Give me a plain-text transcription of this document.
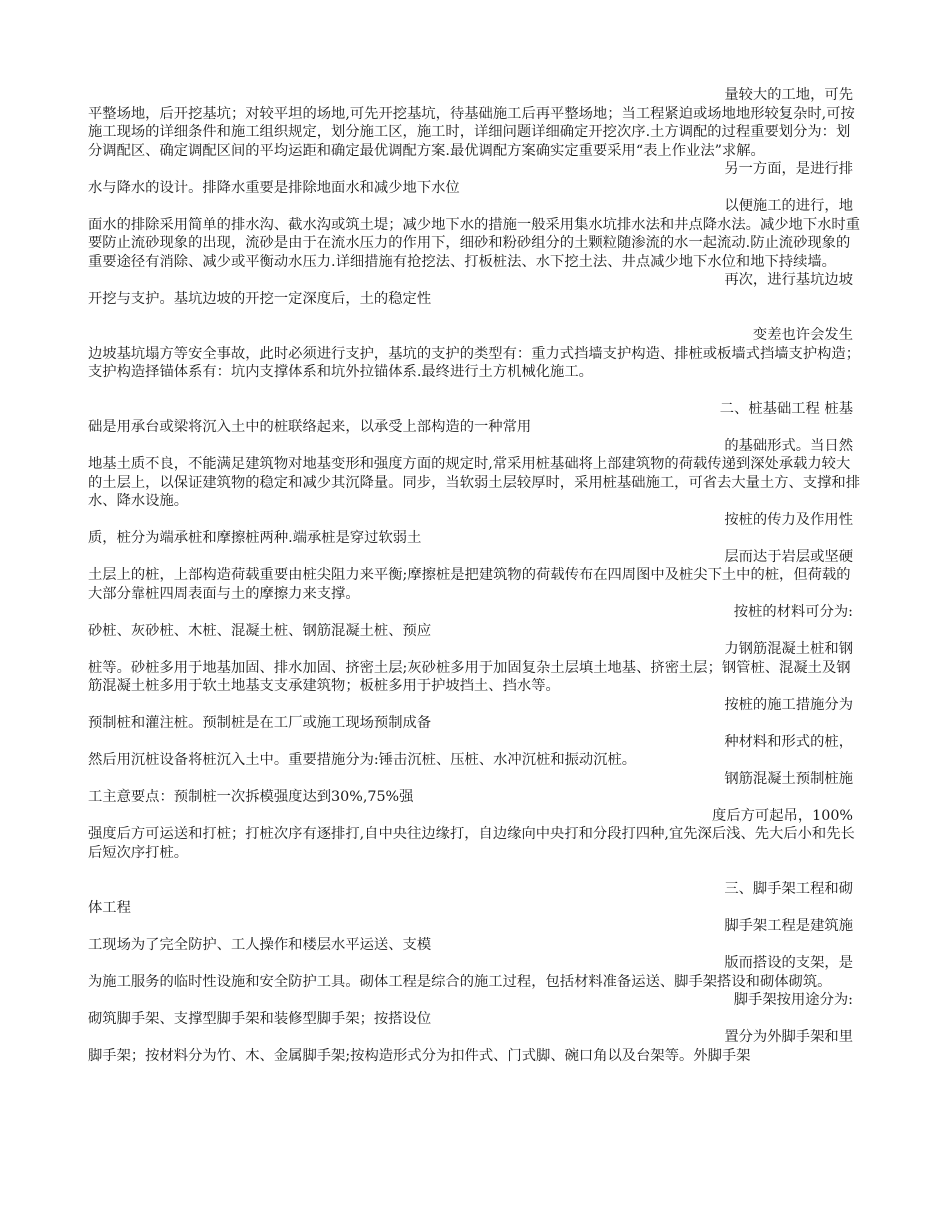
量较大的工地，可先

平整场地，后开挖基坑；对较平坦的场地,可先开挖基坑，待基础施工后再平整场地；当工程紧迫或场地地形较复杂时,可按施工现场的详细条件和施工组织规定，划分施工区，施工时，详细问题详细确定开挖次序.土方调配的过程重要划分为：划分调配区、确定调配区间的平均运距和确定最优调配方案.最优调配方案确实定重要采用“表上作业法”求解。

另一方面，是进行排

水与降水的设计。排降水重要是排除地面水和减少地下水位

以便施工的进行，地

面水的排除采用简单的排水沟、截水沟或筑土堤；减少地下水的措施一般采用集水坑排水法和井点降水法。减少地下水时重要防止流砂现象的出现，流砂是由于在流水压力的作用下，细砂和粉砂组分的土颗粒随渗流的水一起流动.防止流砂现象的重要途径有消除、减少或平衡动水压力.详细措施有抢挖法、打板桩法、水下挖土法、井点减少地下水位和地下持续墙。

再次，进行基坑边坡

开挖与支护。基坑边坡的开挖一定深度后，土的稳定性

变差也许会发生

边坡基坑塌方等安全事故，此时必须进行支护，基坑的支护的类型有：重力式挡墙支护构造、排桩或板墙式挡墙支护构造；支护构造择锚体系有：坑内支撑体系和坑外拉锚体系.最终进行土方机械化施工。

二、桩基础工程 桩基

础是用承台或梁将沉入土中的桩联络起来，以承受上部构造的一种常用

的基础形式。当日然

地基土质不良，不能满足建筑物对地基变形和强度方面的规定时,常采用桩基础将上部建筑物的荷载传递到深处承载力较大的土层上，以保证建筑物的稳定和减少其沉降量。同步，当软弱土层较厚时，采用桩基础施工，可省去大量土方、支撑和排水、降水设施。

按桩的传力及作用性

质，桩分为端承桩和摩擦桩两种.端承桩是穿过软弱土

层而达于岩层或坚硬

土层上的桩，上部构造荷载重要由桩尖阻力来平衡;摩擦桩是把建筑物的荷载传布在四周图中及桩尖下土中的桩，但荷载的大部分靠桩四周表面与土的摩擦力来支撑。

按桩的材料可分为:

砂桩、灰砂桩、木桩、混凝土桩、钢筋混凝土桩、预应

力钢筋混凝土桩和钢

桩等。砂桩多用于地基加固、排水加固、挤密土层;灰砂桩多用于加固复杂土层填土地基、挤密土层；钢管桩、混凝土及钢筋混凝土桩多用于软土地基支支承建筑物；板桩多用于护坡挡土、挡水等。

按桩的施工措施分为

预制桩和灌注桩。预制桩是在工厂或施工现场预制成备

种材料和形式的桩，

然后用沉桩设备将桩沉入土中。重要措施分为:锤击沉桩、压桩、水冲沉桩和振动沉桩。

钢筋混凝土预制桩施

工主意要点：预制桩一次拆模强度达到30%,75%强

度后方可起吊，100%

强度后方可运送和打桩；打桩次序有逐排打,自中央往边缘打，自边缘向中央打和分段打四种,宜先深后浅、先大后小和先长后短次序打桩。

三、脚手架工程和砌

体工程

脚手架工程是建筑施

工现场为了完全防护、工人操作和楼层水平运送、支模

版而搭设的支架，是

为施工服务的临时性设施和安全防护工具。砌体工程是综合的施工过程，包括材料准备运送、脚手架搭设和砌体砌筑。

脚手架按用途分为:

砌筑脚手架、支撑型脚手架和装修型脚手架；按搭设位

置分为外脚手架和里

脚手架；按材料分为竹、木、金属脚手架;按构造形式分为扣件式、门式脚、碗口角以及台架等。外脚手架
